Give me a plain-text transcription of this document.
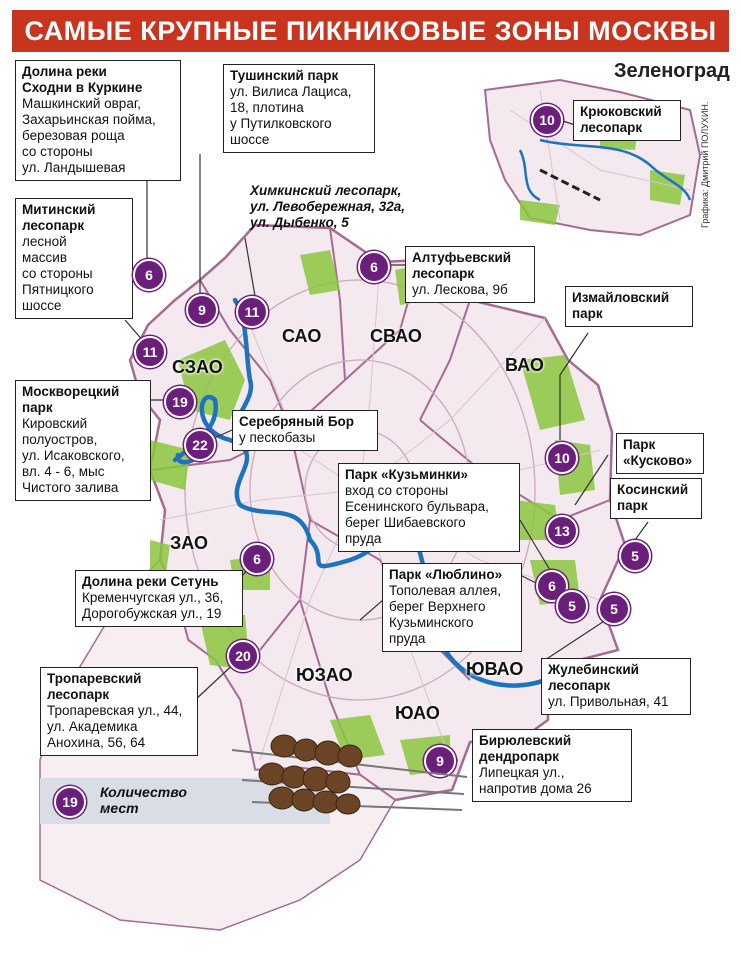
САМЫЕ КРУПНЫЕ ПИКНИКОВЫЕ ЗОНЫ МОСКВЫ
Зеленоград
Графика: Дмитрий ПОЛУХИН.
САО	СВАО
ВАО
СЗАО
ЗАО
ЮЗАО	ЮВАО
ЮАО
Долина реки
Сходни в Куркине
Машкинский овраг,
Захарьинская пойма,
березовая роща
со стороны
ул. Ландышевая
Тушинский парк
ул. Вилиса Лациса,
18, плотина
у Путилковского
шоссе
Крюковский
лесопарк
Химкинский лесопарк,
ул. Левобережная, 32а,
ул. Дыбенко, 5
Митинский
лесопарк
лесной
массив
со стороны
Пятницкого
шоссе
Алтуфьевский
лесопарк
ул. Лескова, 9б
Измайловский
парк
Москворецкий
парк
Кировский
полуостров,
ул. Исаковского,
вл. 4 - 6, мыс
Чистого залива
Серебряный Бор
у пескобазы	Парк
«Кусково»
Парк «Кузьминки»
вход со стороны
Есенинского бульвара,
берег Шибаевского
пруда
Косинский
парк
Долина реки Сетунь
Кременчугская ул., 36,
Дорогобужская ул., 19
Парк «Люблино»
Тополевая аллея,
берег Верхнего
Кузьминского
пруда
Жулебинский
лесопарк
ул. Привольная, 41
Тропаревский
лесопарк
Тропаревская ул., 44,
ул. Академика
Анохина, 56, 64	Бирюлевский
дендропарк
Липецкая ул.,
напротив дома 26
10
6
9	11
6
11
19
22
10
13
5
6
6
5	5
20
9
19
Количество
мест
